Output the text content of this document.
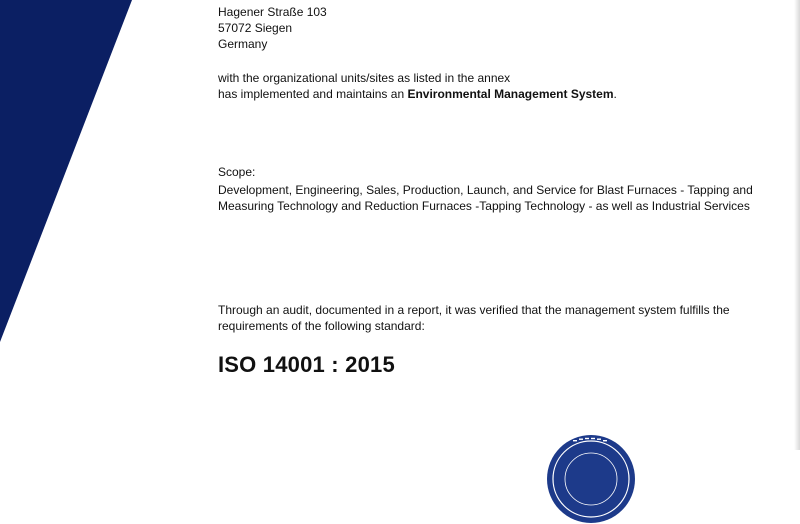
Hagener Straße 103
57072 Siegen
Germany
with the organizational units/sites as listed in the annex
has implemented and maintains an Environmental Management System.
Scope:
Development, Engineering, Sales, Production, Launch, and Service for Blast Furnaces - Tapping and Measuring Technology and Reduction Furnaces -Tapping Technology - as well as Industrial Services
Through an audit, documented in a report, it was verified that the management system fulfills the requirements of the following standard:
ISO 14001 : 2015
